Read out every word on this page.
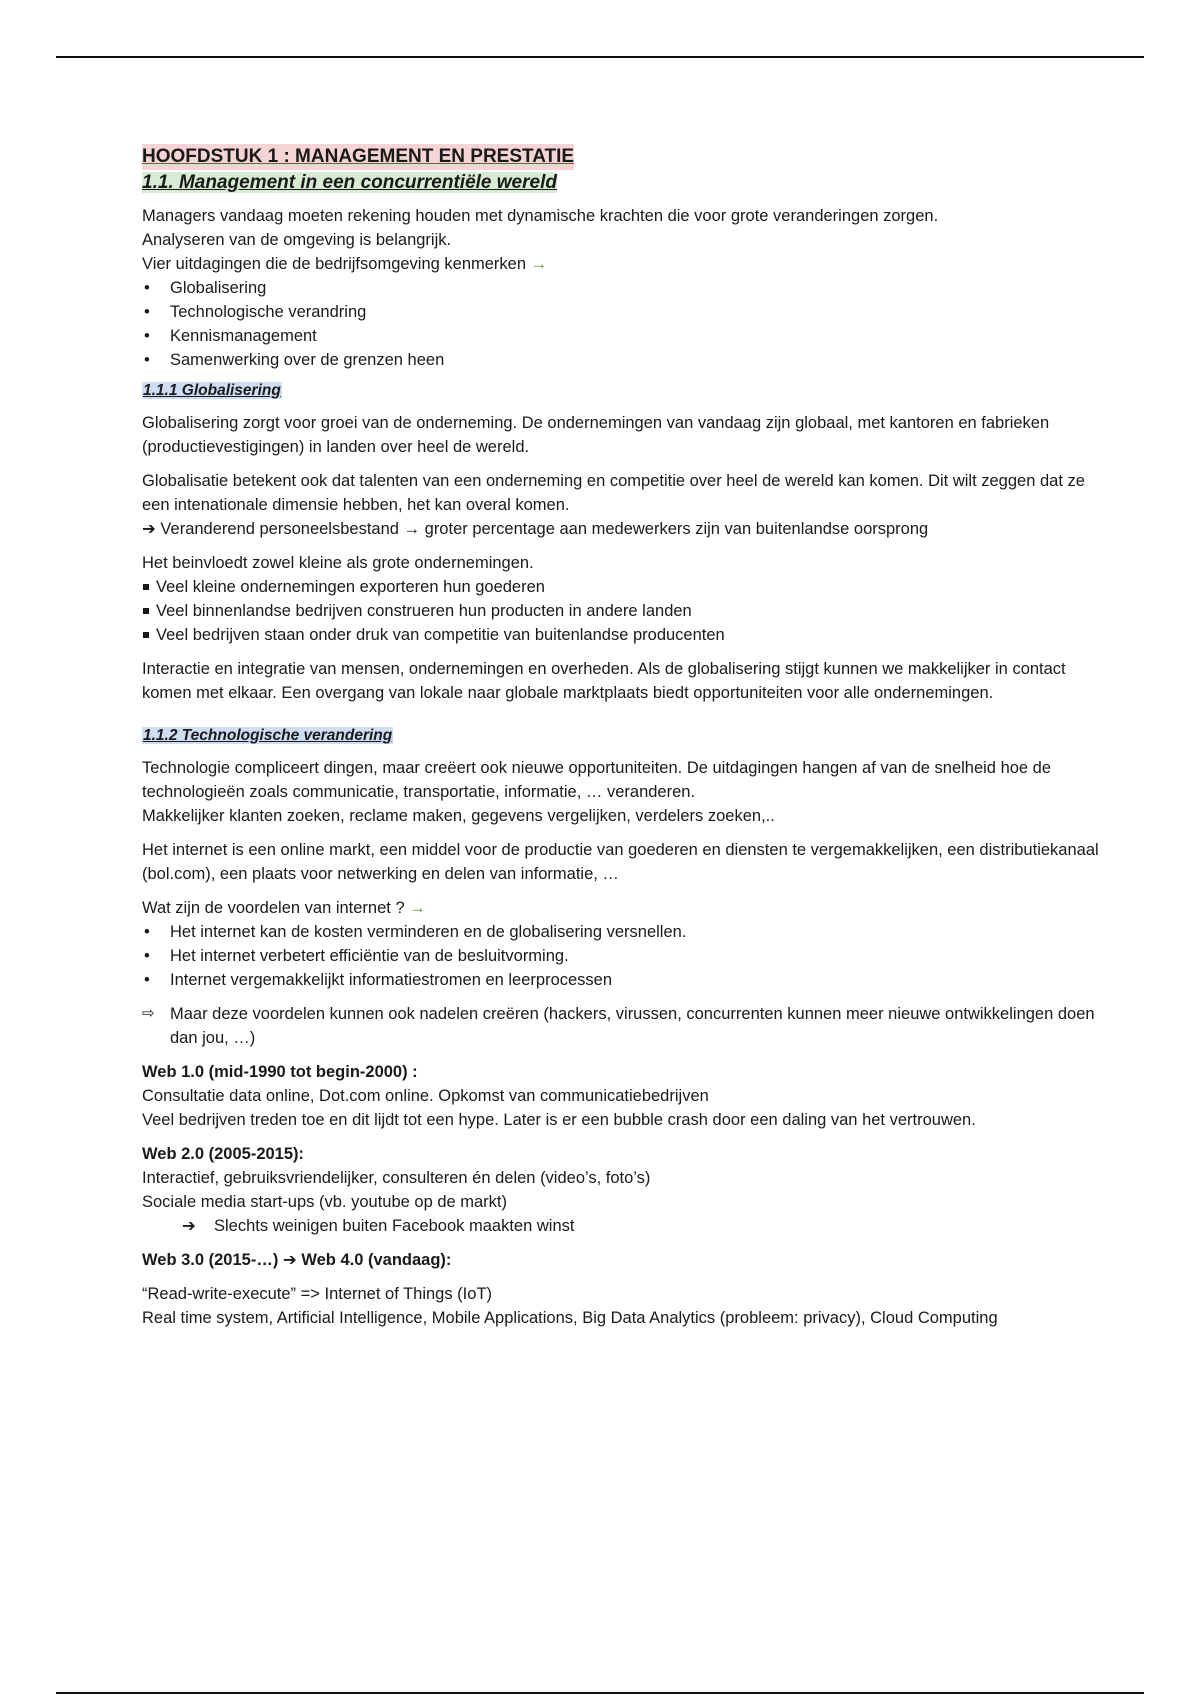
HOOFDSTUK 1 : MANAGEMENT EN PRESTATIE
1.1. Management in een concurrentiële wereld

Managers vandaag moeten rekening houden met dynamische krachten die voor grote veranderingen zorgen.

Analyseren van de omgeving is belangrijk.

Vier uitdagingen die de bedrijfsomgeving kenmerken →

• Globalisering
• Technologische verandring
• Kennismanagement
• Samenwerking over de grenzen heen
1.1.1 Globalisering

Globalisering zorgt voor groei van de onderneming. De ondernemingen van vandaag zijn globaal, met kantoren en fabrieken (productievestigingen) in landen over heel de wereld.

Globalisatie betekent ook dat talenten van een onderneming en competitie over heel de wereld kan komen. Dit wilt zeggen dat ze een intenationale dimensie hebben, het kan overal komen.

➔ Veranderend personeelsbestand → groter percentage aan medewerkers zijn van buitenlandse oorsprong

Het beinvloedt zowel kleine als grote ondernemingen.

Veel kleine ondernemingen exporteren hun goederen
Veel binnenlandse bedrijven construeren hun producten in andere landen
Veel bedrijven staan onder druk van competitie van buitenlandse producenten

Interactie en integratie van mensen, ondernemingen en overheden. Als de globalisering stijgt kunnen we makkelijker in contact komen met elkaar. Een overgang van lokale naar globale marktplaats biedt opportuniteiten voor alle ondernemingen.

1.1.2 Technologische verandering

Technologie compliceert dingen, maar creëert ook nieuwe opportuniteiten. De uitdagingen hangen af van de snelheid hoe de technologieën zoals communicatie, transportatie, informatie, … veranderen.

Makkelijker klanten zoeken, reclame maken, gegevens vergelijken, verdelers zoeken,..

Het internet is een online markt, een middel voor de productie van goederen en diensten te vergemakkelijken, een distributiekanaal (bol.com), een plaats voor netwerking en delen van informatie, …

Wat zijn de voordelen van internet ? →

• Het internet kan de kosten verminderen en de globalisering versnellen.
• Het internet verbetert efficiëntie van de besluitvorming.
• Internet vergemakkelijkt informatiestromen en leerprocessen
⇨ Maar deze voordelen kunnen ook nadelen creëren (hackers, virussen, concurrenten kunnen meer nieuwe ontwikkelingen doen dan jou, …)

Web 1.0 (mid-1990 tot begin-2000) :

Consultatie data online, Dot.com online. Opkomst van communicatiebedrijven

Veel bedrijven treden toe en dit lijdt tot een hype. Later is er een bubble crash door een daling van het vertrouwen.

Web 2.0 (2005-2015):

Interactief, gebruiksvriendelijker, consulteren én delen (video’s, foto’s)

Sociale media start-ups (vb. youtube op de markt)

➔	Slechts weinigen buiten Facebook maakten winst

Web 3.0 (2015-…) ➔ Web 4.0 (vandaag):

“Read-write-execute” => Internet of Things (IoT)

Real time system, Artificial Intelligence, Mobile Applications, Big Data Analytics (probleem: privacy), Cloud Computing
